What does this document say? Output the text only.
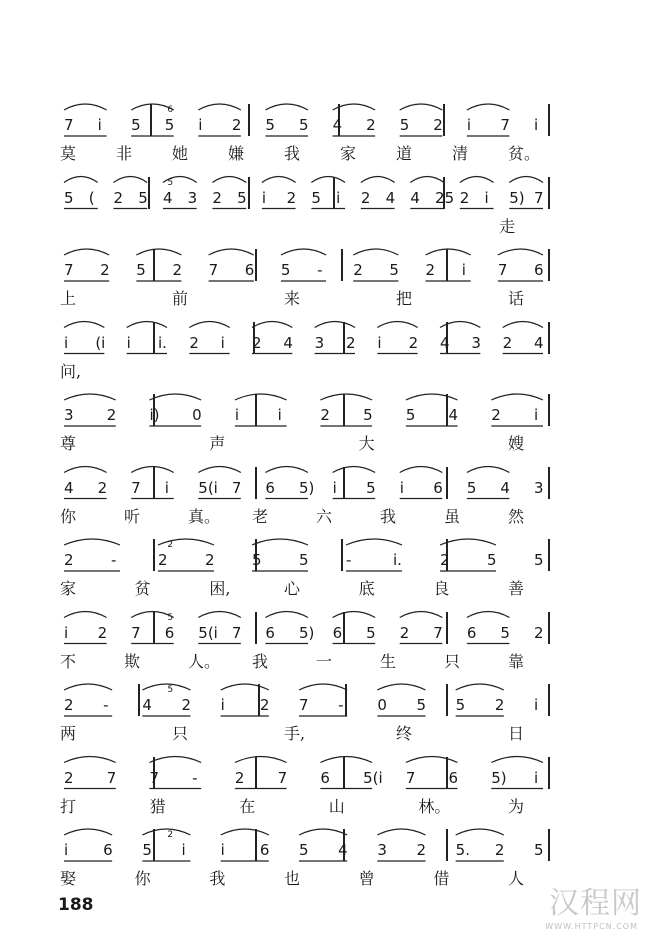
7 i 5 5 i 2 5 5 4 2 5 2 i 7 i
6
莫 非 她 嫌 我 家 道 清 贫。
5 ( 2 5 4 3 2 5 i 2 5 i 2 4 4 25 2 i 5) 7
5
走
7 2 5 2 7 6 5 - 2 5 2 i 7 6
上	前	来	把	话
i (i i i. 2 i 2 4 3 2 i 2 4 3 2 4
问,
3 2 i) 0 i	i	2 5 5 4 2 i
尊	声	大	嫂
4 2 7 i 5(i 7 6 5) i 5 i 6 5 4 3
你	听	真。 老	六	我	虽	然
2 -	2 2 5 5 -	i.	2 5 5
2
家	贫	困,	心	底	良	善
i 2 7 6 5(i 7 6 5) 6 5 2 7 6 5 2
5
不	欺	人。 我	一	生	只	靠
2 - 4 2 i 2 7 - 0 5 5 2 i
5
两	只	手,	终	日
2 7 7 - 2 7 6 5(i 7 6 5) i
打	猎	在	山	林。	为
i 6 5 i i 6 5 4 3 2 5. 2 5
2
娶	你	我	也	曾	借	人
188	汉程网
WWW.HTTPCN.COM
